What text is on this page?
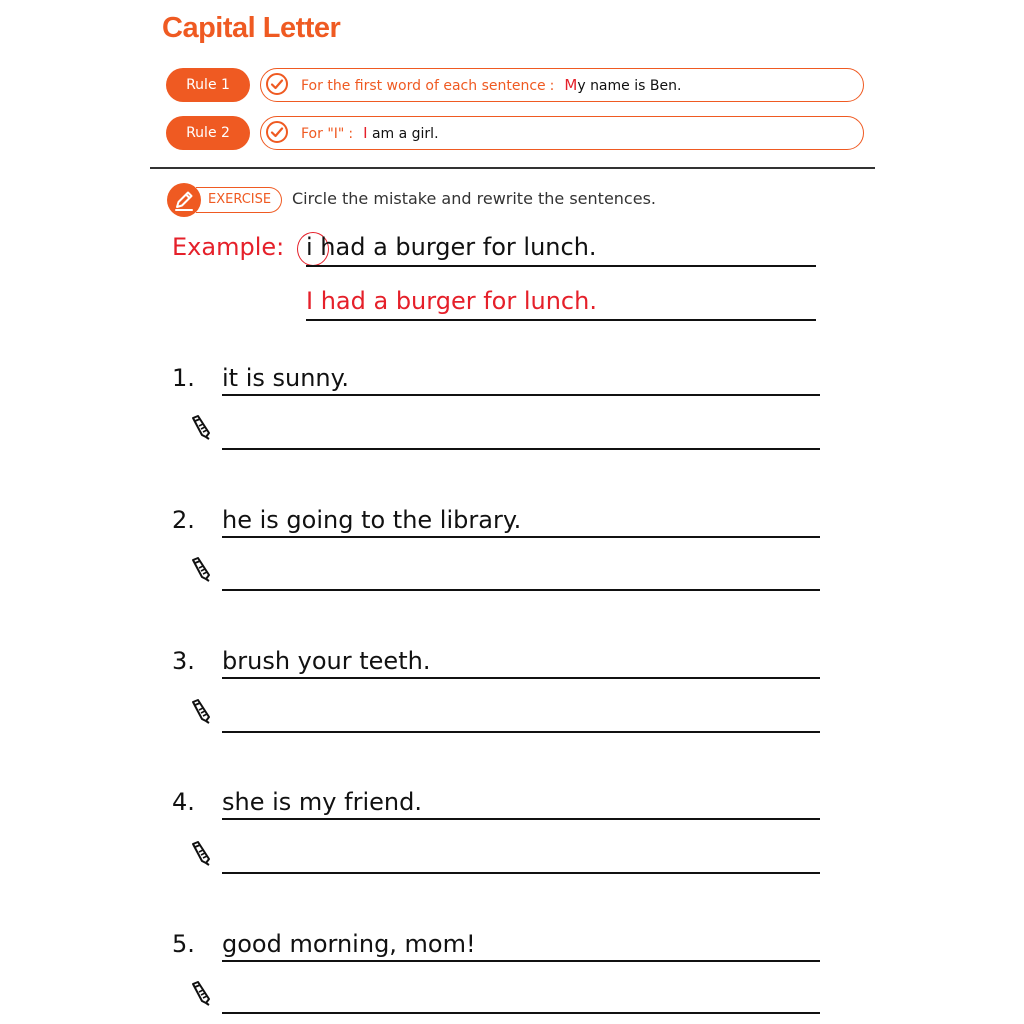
Capital Letter
Rule 1	For the first word of each sentence : My name is Ben.
Rule 2	For "I" : I am a girl.
EXERCISE	Circle the mistake and rewrite the sentences.
Example: i had a burger for lunch.
I had a burger for lunch.
1. it is sunny.
2. he is going to the library.
3. brush your teeth.
4. she is my friend.
5. good morning, mom!
